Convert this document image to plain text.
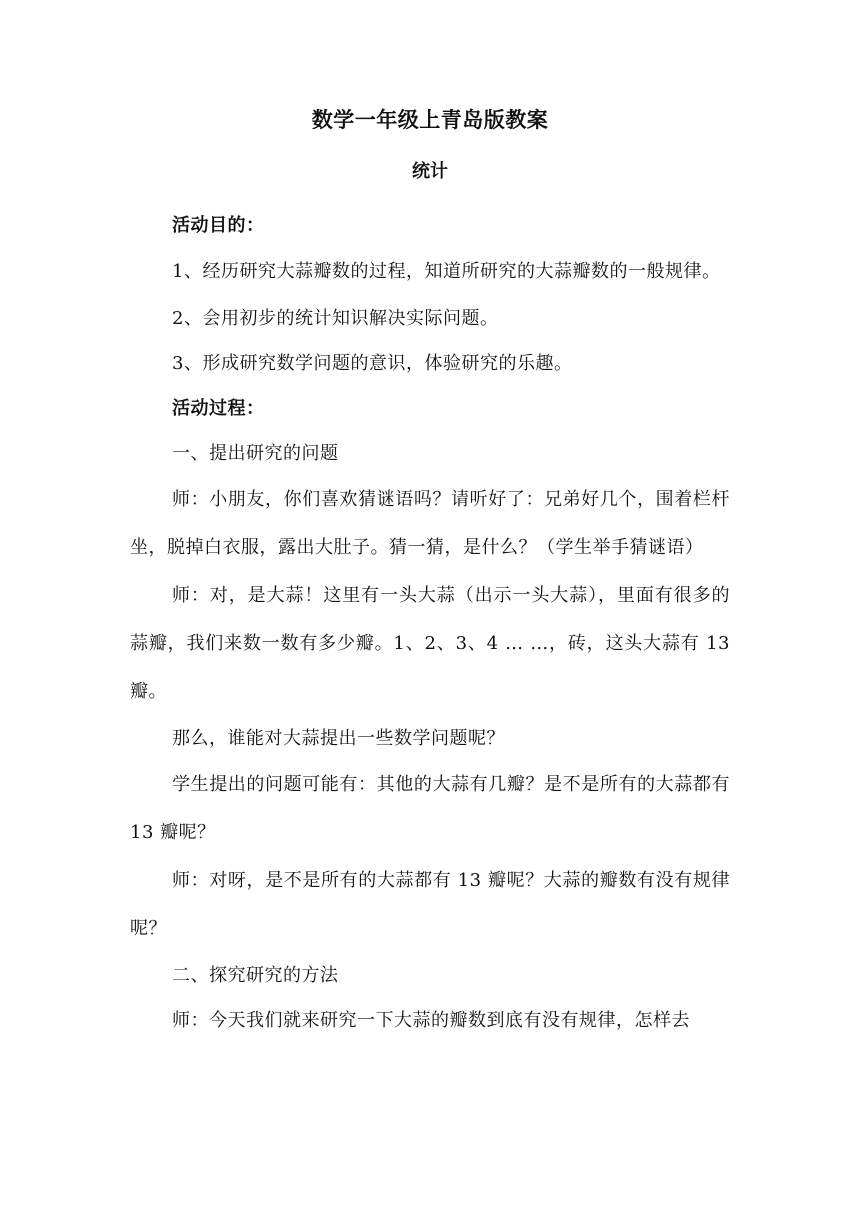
数学一年级上青岛版教案
统计

活动目的：

1、经历研究大蒜瓣数的过程，知道所研究的大蒜瓣数的一般规律。

2、会用初步的统计知识解决实际问题。

3、形成研究数学问题的意识，体验研究的乐趣。

活动过程：

一、提出研究的问题

师：小朋友，你们喜欢猜谜语吗？请听好了：兄弟好几个，围着栏杆坐，脱掉白衣服，露出大肚子。猜一猜，是什么？（学生举手猜谜语）

师：对，是大蒜！这里有一头大蒜（出示一头大蒜），里面有很多的蒜瓣，我们来数一数有多少瓣。1、2、3、4 … …，砖，这头大蒜有 13 瓣。

那么，谁能对大蒜提出一些数学问题呢？

学生提出的问题可能有：其他的大蒜有几瓣？是不是所有的大蒜都有 13 瓣呢？

师：对呀，是不是所有的大蒜都有 13 瓣呢？大蒜的瓣数有没有规律呢？

二、探究研究的方法

师：今天我们就来研究一下大蒜的瓣数到底有没有规律，怎样去
